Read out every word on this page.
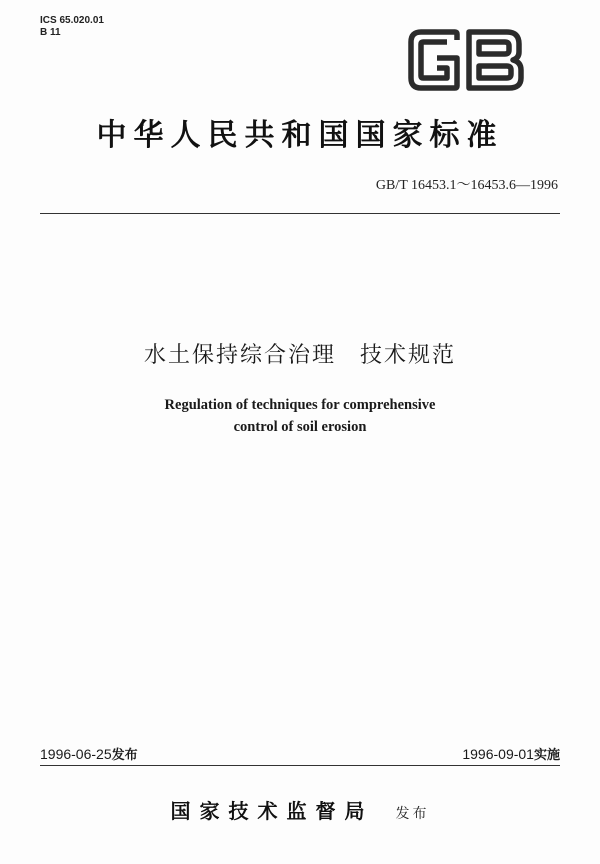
ICS 65.020.01
B 11
中华人民共和国国家标准
GB/T 16453.1～16453.6—1996
水土保持综合治理 技术规范
Regulation of techniques for comprehensive
control of soil erosion
1996-06-25发布	1996-09-01实施
国家技术监督局 发布
